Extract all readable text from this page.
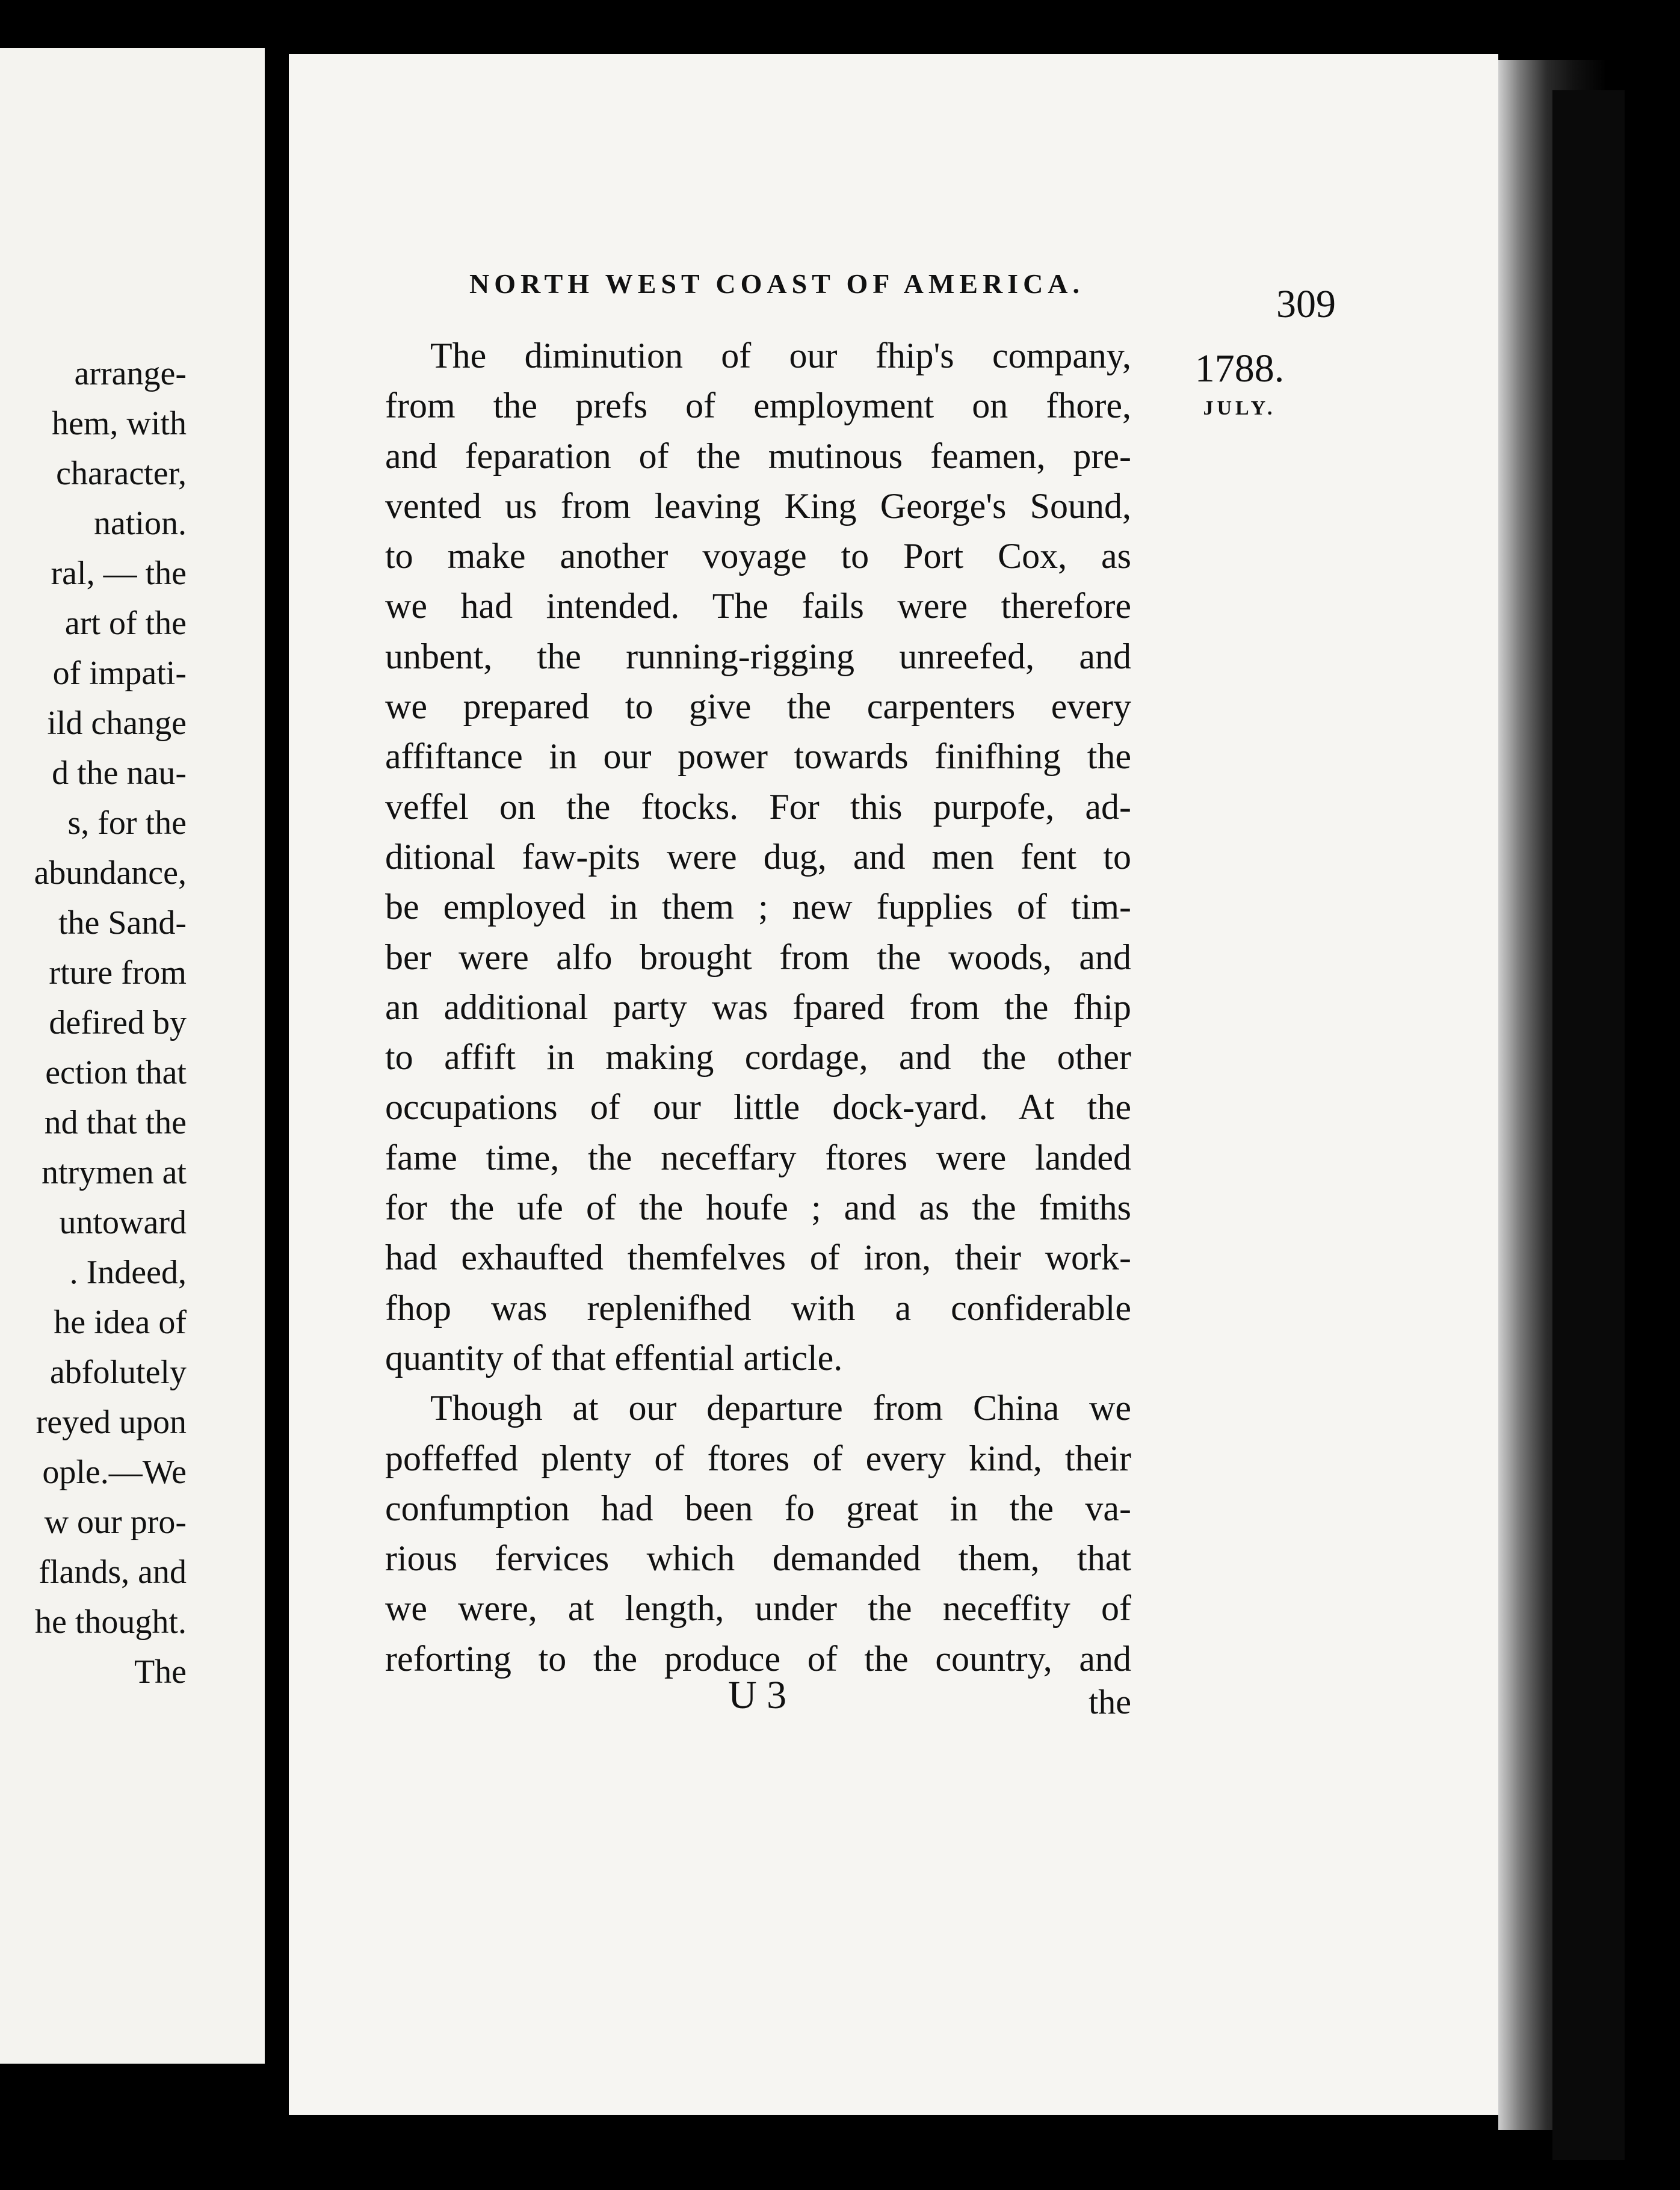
arrange-

hem, with

character,

nation.

ral, — the

art of the

of impati-

ild change

d the nau-

s, for the

abundance,

the Sand-

rture from

defired by

ection that

nd that the

ntrymen at

untoward

. Indeed,

he idea of

abfolutely

reyed upon

ople.—We

w our pro-

flands, and

he thought.

The

NORTH WEST COAST OF AMERICA.	309
1788.
JULY.

The diminution of our fhip's company,

from the prefs of employment on fhore,

and feparation of the mutinous feamen, pre-

vented us from leaving King George's Sound,

to make another voyage to Port Cox, as

we had intended. The fails were therefore

unbent, the running-rigging unreefed, and

we prepared to give the carpenters every

affiftance in our power towards finifhing the

veffel on the ftocks. For this purpofe, ad-

ditional faw-pits were dug, and men fent to

be employed in them ; new fupplies of tim-

ber were alfo brought from the woods, and

an additional party was fpared from the fhip

to affift in making cordage, and the other

occupations of our little dock-yard. At the

fame time, the neceffary ftores were landed

for the ufe of the houfe ; and as the fmiths

had exhaufted themfelves of iron, their work-

fhop was replenifhed with a confiderable

quantity of that effential article.

Though at our departure from China we

poffeffed plenty of ftores of every kind, their

confumption had been fo great in the va-

rious fervices which demanded them, that

we were, at length, under the neceffity of

reforting to the produce of the country, and

U 3	the
